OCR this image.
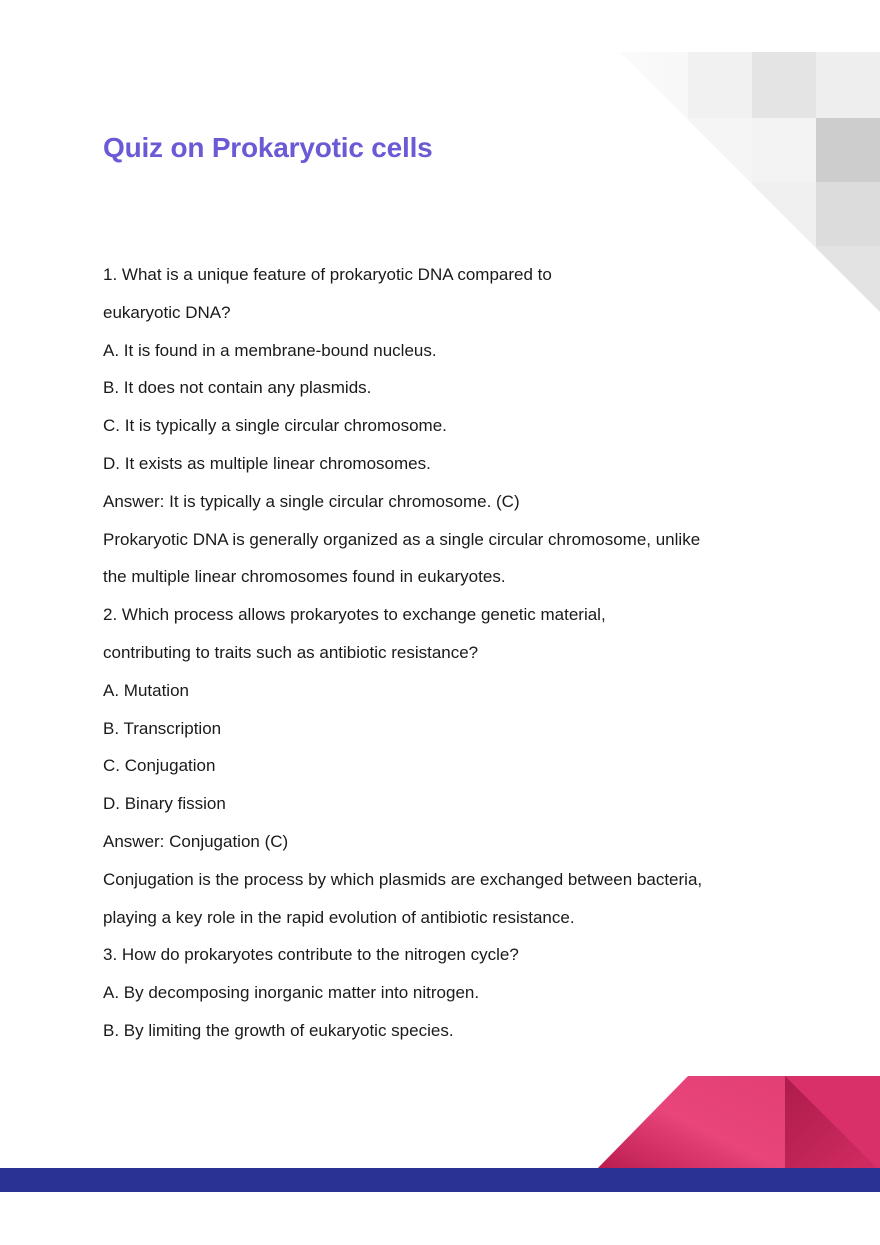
Quiz on Prokaryotic cells

1. What is a unique feature of prokaryotic DNA compared to

eukaryotic DNA?

A. It is found in a membrane-bound nucleus.

B. It does not contain any plasmids.

C. It is typically a single circular chromosome.

D. It exists as multiple linear chromosomes.

Answer: It is typically a single circular chromosome. (C)

Prokaryotic DNA is generally organized as a single circular chromosome, unlike

the multiple linear chromosomes found in eukaryotes.

2. Which process allows prokaryotes to exchange genetic material,

contributing to traits such as antibiotic resistance?

A. Mutation

B. Transcription

C. Conjugation

D. Binary fission

Answer: Conjugation (C)

Conjugation is the process by which plasmids are exchanged between bacteria,

playing a key role in the rapid evolution of antibiotic resistance.

3. How do prokaryotes contribute to the nitrogen cycle?

A. By decomposing inorganic matter into nitrogen.

B. By limiting the growth of eukaryotic species.
